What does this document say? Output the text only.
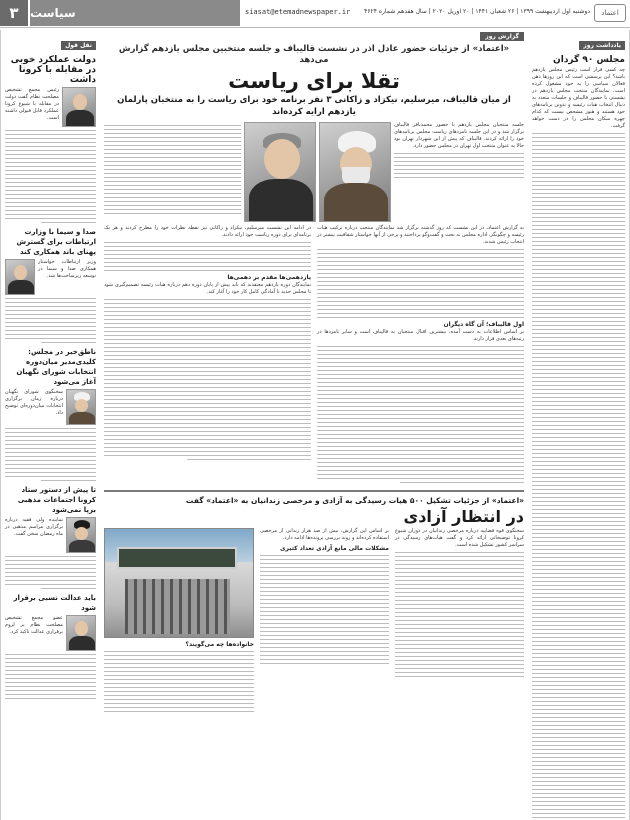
۳ سیاست	siasat@etemadnewspaper.ir	دوشنبه اول اردیبهشت ۱۳۹۹ | ۲۶ شعبان ۱۴۴۱ | ۲۰ آوریل ۲۰۲۰ | سال هفدهم شماره ۴۶۲۴	اعتماد
یادداشت روز
مجلس ۹۰ گردان
چه کسی قرار است رئیس مجلس یازدهم باشد؟ این پرسشی است که این روزها ذهن فعالان سیاسی را به خود مشغول کرده است. نمایندگان منتخب مجلس یازدهم در نشستی با حضور قالیباف و جلسات متعدد به دنبال انتخاب هیات رئیسه و تدوین برنامه‌های خود هستند و هنوز مشخص نیست که کدام چهره سکان مجلس را در دست خواهد گرفت.
نقل قول
دولت عملکرد خوبی در مقابله با کرونا داشت
رئیس مجمع تشخیص مصلحت نظام گفت دولت در مقابله با شیوع کرونا عملکرد قابل قبولی داشته است.
صدا و سیما با وزارت ارتباطات برای گسترش پهنای باند همکاری کند
وزیر ارتباطات خواستار همکاری صدا و سیما در توسعه زیرساخت‌ها شد.
ناطق‌خبر در مجلس: کلیدی‌مدیر میان‌دوره انتخابات شورای نگهبان آغاز می‌شود
سخنگوی شورای نگهبان درباره زمان برگزاری انتخابات میان‌دوره‌ای توضیح داد.
تا پیش از دستور ستاد کرونا اجتماعات مذهبی برپا نمی‌شود
نماینده ولی فقیه درباره برگزاری مراسم مذهبی در ماه رمضان سخن گفت.
باید عدالت نسبی برقرار شود
عضو مجمع تشخیص مصلحت نظام بر لزوم برقراری عدالت تاکید کرد.
گزارش روز
«اعتماد» از جزئیات حضور عادل اذر در نشست قالیباف و جلسه منتخبین مجلس یازدهم گزارش می‌دهد
تقلا برای ریاست
از میان قالیباف، میرسلیم، نیکزاد و زاکانی ۳ نفر برنامه خود برای ریاست را به منتخبان پارلمان یازدهم ارایه کرده‌اند
جلسه منتخبان مجلس یازدهم با حضور محمدباقر قالیباف برگزار شد و در این جلسه نامزدهای ریاست مجلس برنامه‌های خود را ارائه کردند. قالیباف که پیش از این شهردار تهران بود حالا به عنوان منتخب اول تهران در مجلس حضور دارد.
به گزارش اعتماد، در این نشست که روز گذشته برگزار شد نمایندگان منتخب درباره ترکیب هیات رئیسه و چگونگی اداره مجلس به بحث و گفت‌وگو پرداختند و برخی از آنها خواستار شفافیت بیشتر در انتخاب رئیس شدند.
اول قالیباف؛ آن گاه دیگران
بر اساس اطلاعات به دست آمده، بیشترین اقبال منتخبان به قالیباف است و سایر نامزدها در رتبه‌های بعدی قرار دارند.
در ادامه این نشست میرسلیم، نیکزاد و زاکانی نیز نقطه نظرات خود را مطرح کردند و هر یک برنامه‌ای برای دوره ریاست خود ارائه دادند.
یازدهمی‌ها مقدم بر دهمی‌ها
نمایندگان دوره یازدهم معتقدند که باید پیش از پایان دوره دهم درباره هیات رئیسه تصمیم‌گیری شود تا مجلس جدید با آمادگی کامل کار خود را آغاز کند.
«اعتماد» از جزئیات تشکیل ۵۰۰ هیات رسیدگی به آزادی و مرخصی زندانیان به «اعتماد» گفت
در انتظار آزادی
سخنگوی قوه قضاییه درباره مرخصی زندانیان در دوران شیوع کرونا توضیحاتی ارائه کرد و گفت هیات‌های رسیدگی در سراسر کشور تشکیل شده است.
بر اساس این گزارش، بیش از صد هزار زندانی از مرخصی استفاده کرده‌اند و روند بررسی پرونده‌ها ادامه دارد.
مشکلات مالی مانع آزادی تعداد کثیری
خانواده‌ها چه می‌گویند؟
